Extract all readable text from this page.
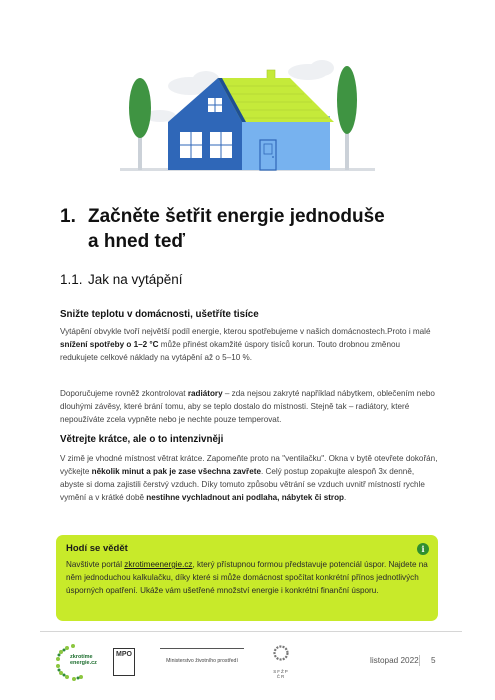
1. Začněte šetřit energie jednoduše
a hned teď
1.1. Jak na vytápění
Snižte teplotu v domácnosti, ušetříte tisíce
Vytápění obvykle tvoří největší podíl energie, kterou spotřebujeme v našich domácnostech.Proto i malé snížení spotřeby o 1–2 °C může přinést okamžité úspory tisíců korun. Touto drobnou změnou redukujete celkové náklady na vytápění až o 5–10 %.
Doporučujeme rovněž zkontrolovat radiátory – zda nejsou zakryté například nábytkem, oblečením nebo dlouhými závěsy, které brání tomu, aby se teplo dostalo do místnosti. Stejně tak – radiátory, které nepoužíváte zcela vypněte nebo je nechte pouze temperovat.
Větrejte krátce, ale o to intenzivněji
V zimě je vhodné místnost větrat krátce. Zapomeňte proto na "ventilačku". Okna v bytě otevřete dokořán, vyčkejte několik minut a pak je zase všechna zavřete. Celý postup zopakujte alespoň 3x denně, abyste si doma zajistili čerstvý vzduch. Díky tomuto způsobu větrání se vzduch uvnitř místností rychle vymění a v krátké době nestihne vychladnout ani podlaha, nábytek či strop.
Hodí se vědět	i
Navštivte portál zkrotimeenergie.cz, který přístupnou formou představuje potenciál úspor. Najdete na něm jednoduchou kalkulačku, díky které si může domácnost spočítat konkrétní přínos jednotlivých úsporných opatření. Ukáže vám ušetřené množství energie i konkrétní finanční úsporu.
zkrotíme energie.cz
MPO
Ministerstvo životního prostředí
SFŽP ČR
listopad 2022 5
